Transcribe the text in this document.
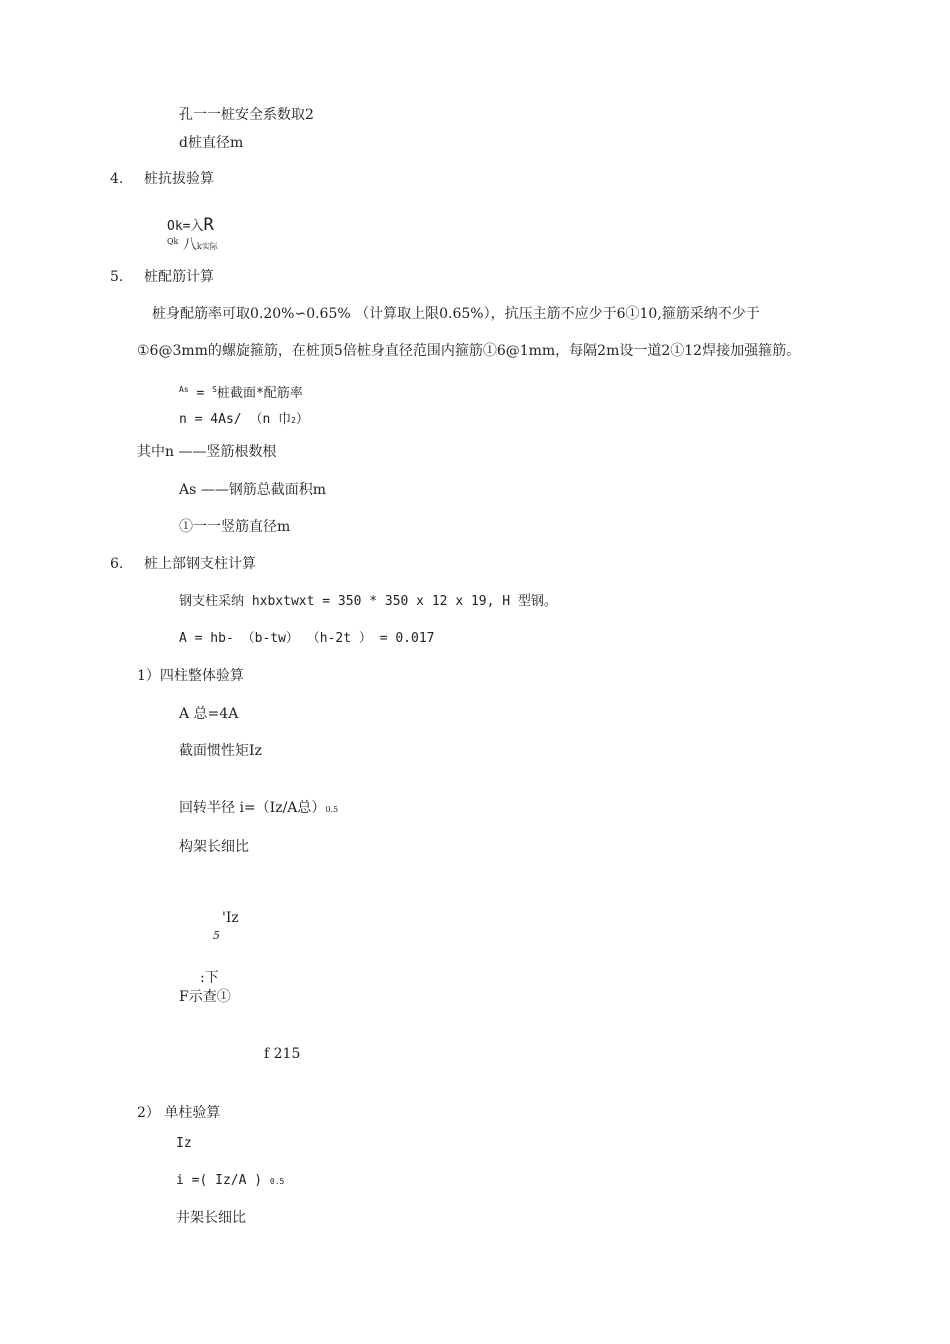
孔一一桩安全系数取2
d桩直径m
4. 桩抗拔验算
Ok=入R
$^{Qk}$ 八k实际
5. 桩配筋计算
桩身配筋率可取0.20%∽0.65% （计算取上限0.65%），抗压主筋不应少于6①10,箍筋采纳不少于
①6@3mm的螺旋箍筋，在桩顶5倍桩身直径范围内箍筋①6@1mm，每隔2m设一道2①12焊接加强箍筋。
$^{As}$ = $^S$桩截面*配筋率
n = 4As/ （n 巾2）
其中n ——竖筋根数根
As ——钢筋总截面积m
①一一竖筋直径m
6. 桩上部钢支柱计算
钢支柱采纳 hxbxtwxt = 350 * 350 x 12 x 19, H 型钢。
A = hb- （b-tw） （h-2t ） = 0.017
1）四柱整体验算
A 总=4A
截面惯性矩Iz
回转半径 i=（Iz/A总）0.5
构架长细比
'Iz
5
:下
F示查①
f 215
2） 单柱验算
Iz
i =( Iz/A ) 0.5
井架长细比
